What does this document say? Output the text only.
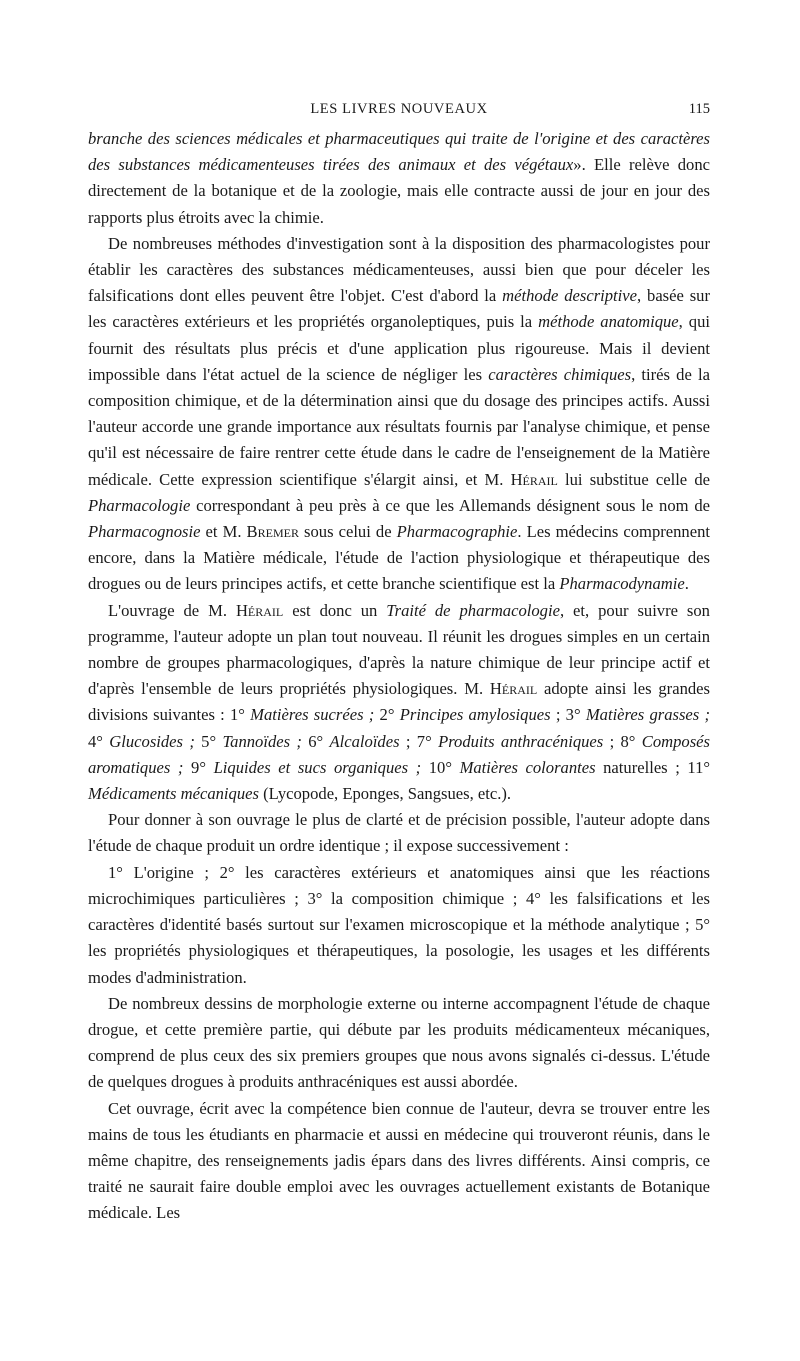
LES LIVRES NOUVEAUX	115

branche des sciences médicales et pharmaceutiques qui traite de l'origine et des caractères des substances médicamenteuses tirées des animaux et des végétaux». Elle relève donc directement de la botanique et de la zoologie, mais elle contracte aussi de jour en jour des rapports plus étroits avec la chimie.

De nombreuses méthodes d'investigation sont à la disposition des pharmacologistes pour établir les caractères des substances médicamenteuses, aussi bien que pour déceler les falsifications dont elles peuvent être l'objet. C'est d'abord la méthode descriptive, basée sur les caractères extérieurs et les propriétés organoleptiques, puis la méthode anatomique, qui fournit des résultats plus précis et d'une application plus rigoureuse. Mais il devient impossible dans l'état actuel de la science de négliger les caractères chimiques, tirés de la composition chimique, et de la détermination ainsi que du dosage des principes actifs. Aussi l'auteur accorde une grande importance aux résultats fournis par l'analyse chimique, et pense qu'il est nécessaire de faire rentrer cette étude dans le cadre de l'enseignement de la Matière médicale. Cette expression scientifique s'élargit ainsi, et M. Hérail lui substitue celle de Pharmacologie correspondant à peu près à ce que les Allemands désignent sous le nom de Pharmacognosie et M. Bremer sous celui de Pharmacographie. Les médecins comprennent encore, dans la Matière médicale, l'étude de l'action physiologique et thérapeutique des drogues ou de leurs principes actifs, et cette branche scientifique est la Pharmacodynamie.

L'ouvrage de M. Hérail est donc un Traité de pharmacologie, et, pour suivre son programme, l'auteur adopte un plan tout nouveau. Il réunit les drogues simples en un certain nombre de groupes pharmacologiques, d'après la nature chimique de leur principe actif et d'après l'ensemble de leurs propriétés physiologiques. M. Hérail adopte ainsi les grandes divisions suivantes : 1° Matières sucrées ; 2° Principes amylosiques ; 3° Matières grasses ; 4° Glucosides ; 5° Tannoïdes ; 6° Alcaloïdes ; 7° Produits anthracéniques ; 8° Composés aromatiques ; 9° Liquides et sucs organiques ; 10° Matières colorantes naturelles ; 11° Médicaments mécaniques (Lycopode, Eponges, Sangsues, etc.).

Pour donner à son ouvrage le plus de clarté et de précision possible, l'auteur adopte dans l'étude de chaque produit un ordre identique ; il expose successivement :

1° L'origine ; 2° les caractères extérieurs et anatomiques ainsi que les réactions microchimiques particulières ; 3° la composition chimique ; 4° les falsifications et les caractères d'identité basés surtout sur l'examen microscopique et la méthode analytique ; 5° les propriétés physiologiques et thérapeutiques, la posologie, les usages et les différents modes d'administration.

De nombreux dessins de morphologie externe ou interne accompagnent l'étude de chaque drogue, et cette première partie, qui débute par les produits médicamenteux mécaniques, comprend de plus ceux des six premiers groupes que nous avons signalés ci-dessus. L'étude de quelques drogues à produits anthracéniques est aussi abordée.

Cet ouvrage, écrit avec la compétence bien connue de l'auteur, devra se trouver entre les mains de tous les étudiants en pharmacie et aussi en médecine qui trouveront réunis, dans le même chapitre, des renseignements jadis épars dans des livres différents. Ainsi compris, ce traité ne saurait faire double emploi avec les ouvrages actuellement existants de Botanique médicale. Les
